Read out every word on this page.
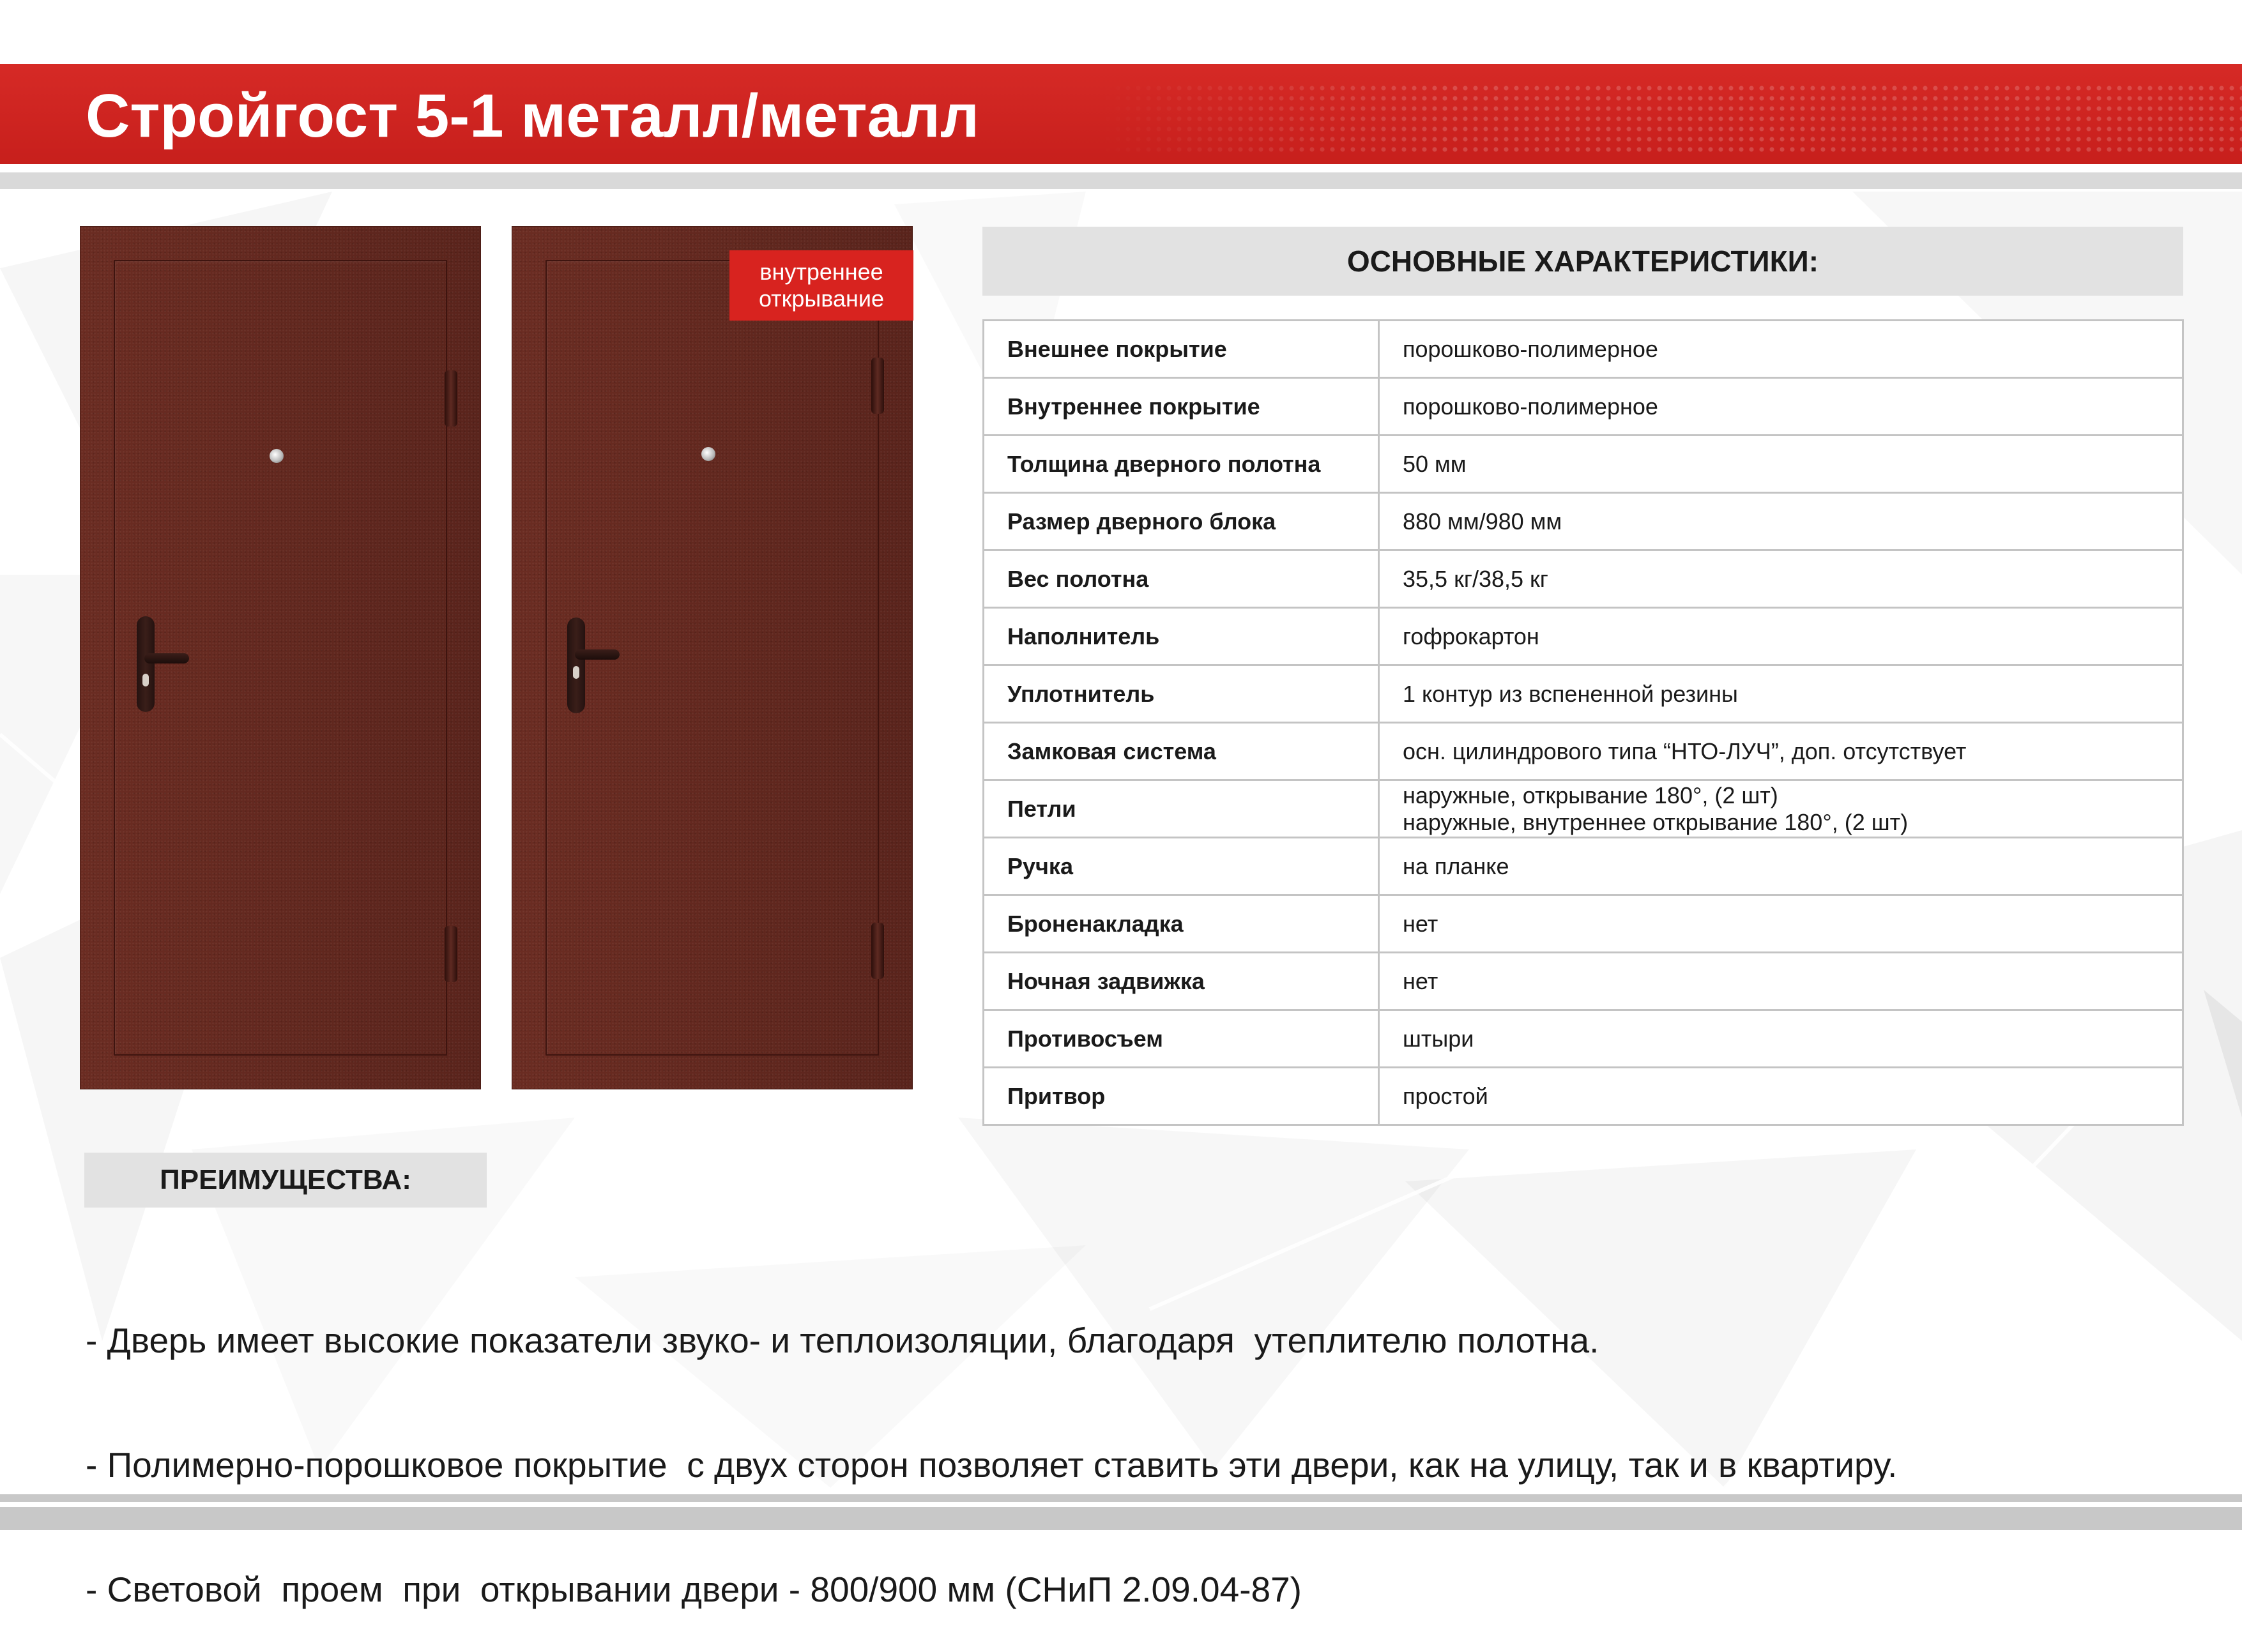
Стройгост 5-1 металл/металл
внутреннее
открывание
ОСНОВНЫЕ ХАРАКТЕРИСТИКИ:
Внешнее покрытие	порошково-полимерное

Внутреннее покрытие	порошково-полимерное

Толщина дверного полотна	50 мм

Размер дверного блока	880 мм/980 мм

Вес полотна	35,5 кг/38,5 кг

Наполнитель	гофрокартон

Уплотнитель	1 контур из вспененной резины

Замковая система	осн. цилиндрового типа “НТО-ЛУЧ”, доп. отсутствует

Петли	наружные, открывание 180°, (2 шт)
наружные, внутреннее открывание 180°, (2 шт)

Ручка	на планке

Броненакладка	нет

Ночная задвижка	нет

Противосъем	штыри

Притвор	простой
ПРЕИМУЩЕСТВА:

- Дверь имеет высокие показатели звуко- и теплоизоляции, благодаря  утеплителю полотна.

- Полимерно-порошковое покрытие  с двух сторон позволяет ставить эти двери, как на улицу, так и в квартиру.

- Световой  проем  при  открывании двери - 800/900 мм (СНиП 2.09.04-87)
